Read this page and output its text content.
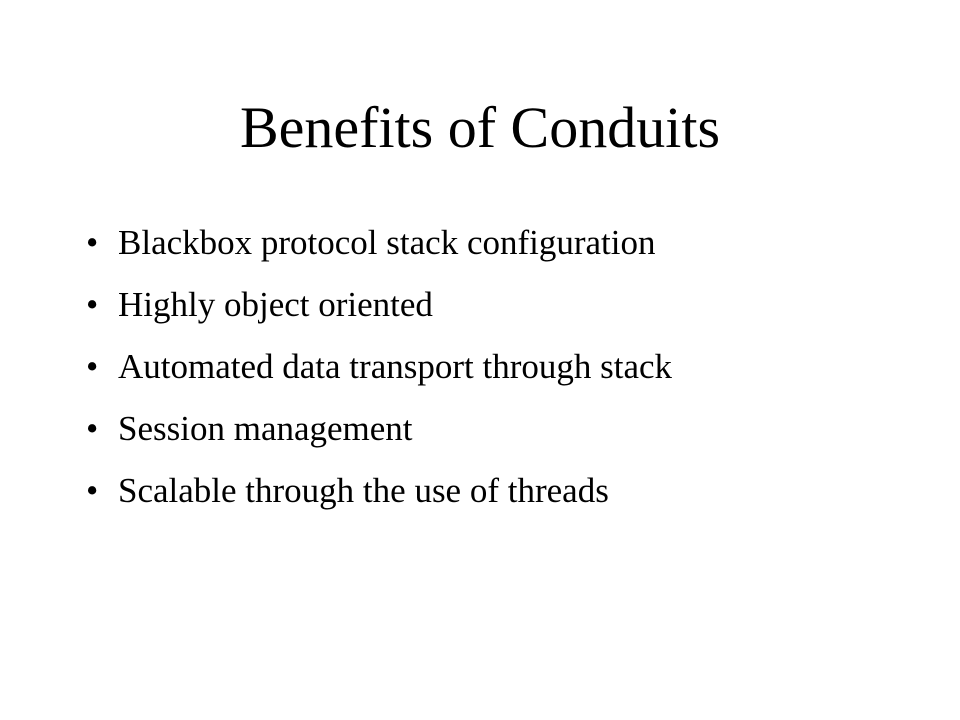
Benefits of Conduits
• Blackbox protocol stack configuration
• Highly object oriented
• Automated data transport through stack
• Session management
• Scalable through the use of threads
